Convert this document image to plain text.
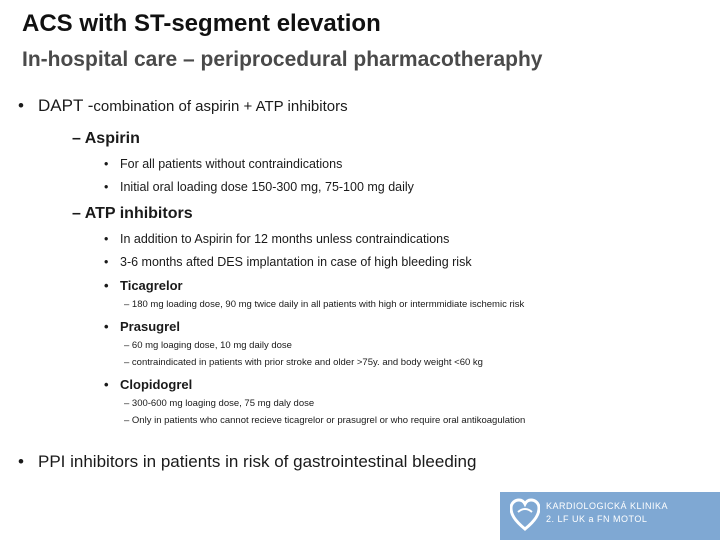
ACS with ST-segment elevation
In-hospital care – periprocedural pharmacotheraphy
• DAPT -combination of aspirin + ATP inhibitors
– Aspirin
• For all patients without contraindications
• Initial oral loading dose 150-300 mg, 75-100 mg daily
– ATP inhibitors
• In addition to Aspirin for 12 months unless contraindications
• 3-6 months afted DES implantation in case of high bleeding risk
• Ticagrelor
– 180 mg loading dose, 90 mg twice daily in all patients with high or intermmidiate ischemic risk
• Prasugrel
– 60 mg loaging dose, 10 mg daily dose
– contraindicated in patients with prior stroke and older >75y. and body weight <60 kg
• Clopidogrel
– 300-600 mg loaging dose, 75 mg daly dose
– Only in patients who cannot recieve ticagrelor or prasugrel or who require oral antikoagulation
• PPI inhibitors in patients in risk of gastrointestinal bleeding
KARDIOLOGICKÁ KLINIKA
2. LF UK a FN MOTOL
